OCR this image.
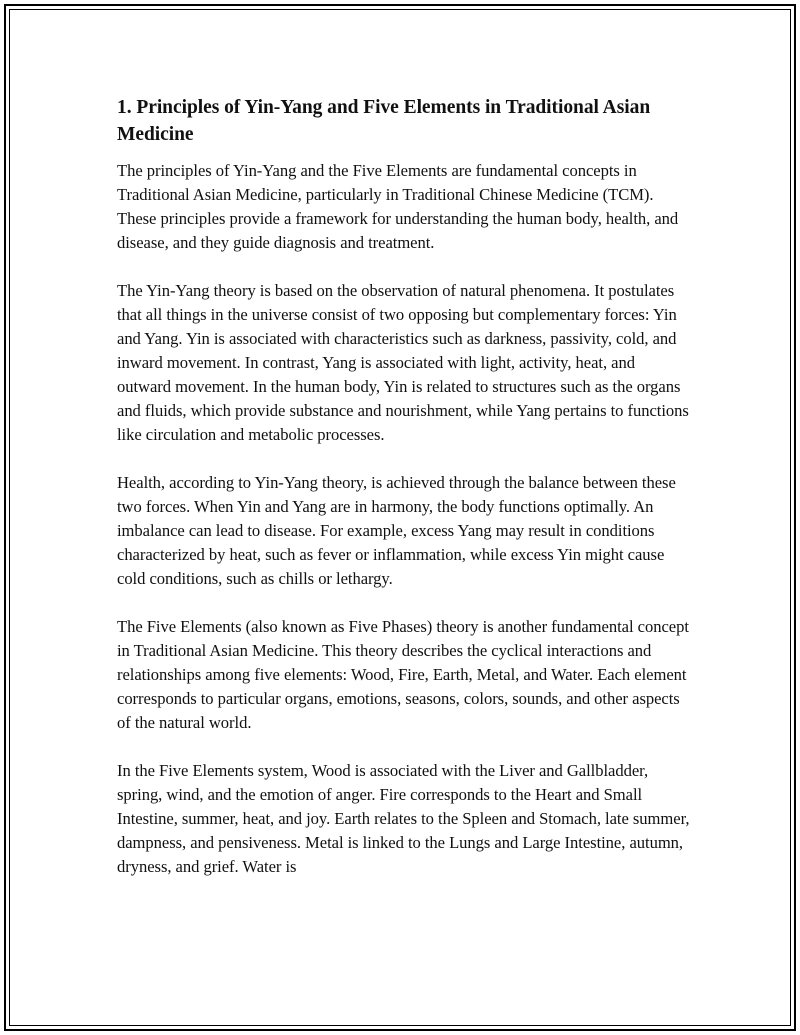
1. Principles of Yin-Yang and Five Elements in Traditional Asian Medicine

The principles of Yin-Yang and the Five Elements are fundamental concepts in Traditional Asian Medicine, particularly in Traditional Chinese Medicine (TCM). These principles provide a framework for understanding the human body, health, and disease, and they guide diagnosis and treatment.

The Yin-Yang theory is based on the observation of natural phenomena. It postulates that all things in the universe consist of two opposing but complementary forces: Yin and Yang. Yin is associated with characteristics such as darkness, passivity, cold, and inward movement. In contrast, Yang is associated with light, activity, heat, and outward movement. In the human body, Yin is related to structures such as the organs and fluids, which provide substance and nourishment, while Yang pertains to functions like circulation and metabolic processes.

Health, according to Yin-Yang theory, is achieved through the balance between these two forces. When Yin and Yang are in harmony, the body functions optimally. An imbalance can lead to disease. For example, excess Yang may result in conditions characterized by heat, such as fever or inflammation, while excess Yin might cause cold conditions, such as chills or lethargy.

The Five Elements (also known as Five Phases) theory is another fundamental concept in Traditional Asian Medicine. This theory describes the cyclical interactions and relationships among five elements: Wood, Fire, Earth, Metal, and Water. Each element corresponds to particular organs, emotions, seasons, colors, sounds, and other aspects of the natural world.

In the Five Elements system, Wood is associated with the Liver and Gallbladder, spring, wind, and the emotion of anger. Fire corresponds to the Heart and Small Intestine, summer, heat, and joy. Earth relates to the Spleen and Stomach, late summer, dampness, and pensiveness. Metal is linked to the Lungs and Large Intestine, autumn, dryness, and grief. Water is
